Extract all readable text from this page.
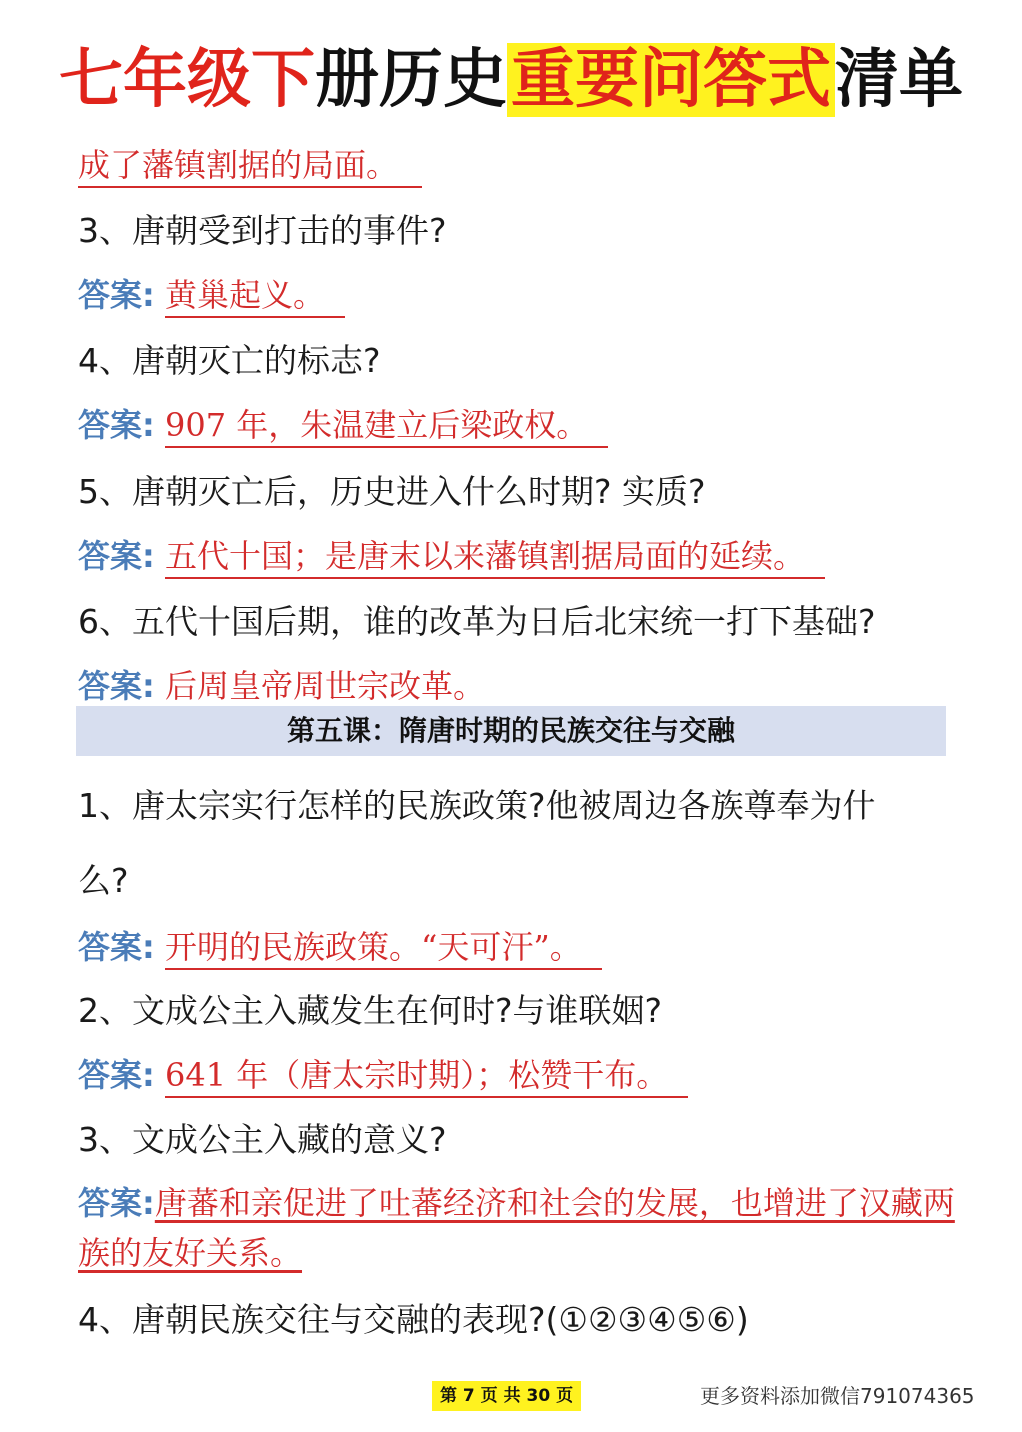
七年级下册历史重要问答式清单
成了藩镇割据的局面。
3、唐朝受到打击的事件?
答案: 黄巢起义。
4、唐朝灭亡的标志?
答案: 907 年，朱温建立后梁政权。
5、唐朝灭亡后，历史进入什么时期? 实质?
答案: 五代十国；是唐末以来藩镇割据局面的延续。
6、五代十国后期，谁的改革为日后北宋统一打下基础?
答案: 后周皇帝周世宗改革。
第五课：隋唐时期的民族交往与交融
1、唐太宗实行怎样的民族政策?他被周边各族尊奉为什
么?
答案: 开明的民族政策。“天可汗”。
2、文成公主入藏发生在何时?与谁联姻?
答案: 641 年（唐太宗时期）；松赞干布。
3、文成公主入藏的意义?
答案:唐蕃和亲促进了吐蕃经济和社会的发展，也增进了汉藏两族的友好关系。
4、唐朝民族交往与交融的表现?(①②③④⑤⑥)
第 7 页 共 30 页	更多资料添加微信791074365
